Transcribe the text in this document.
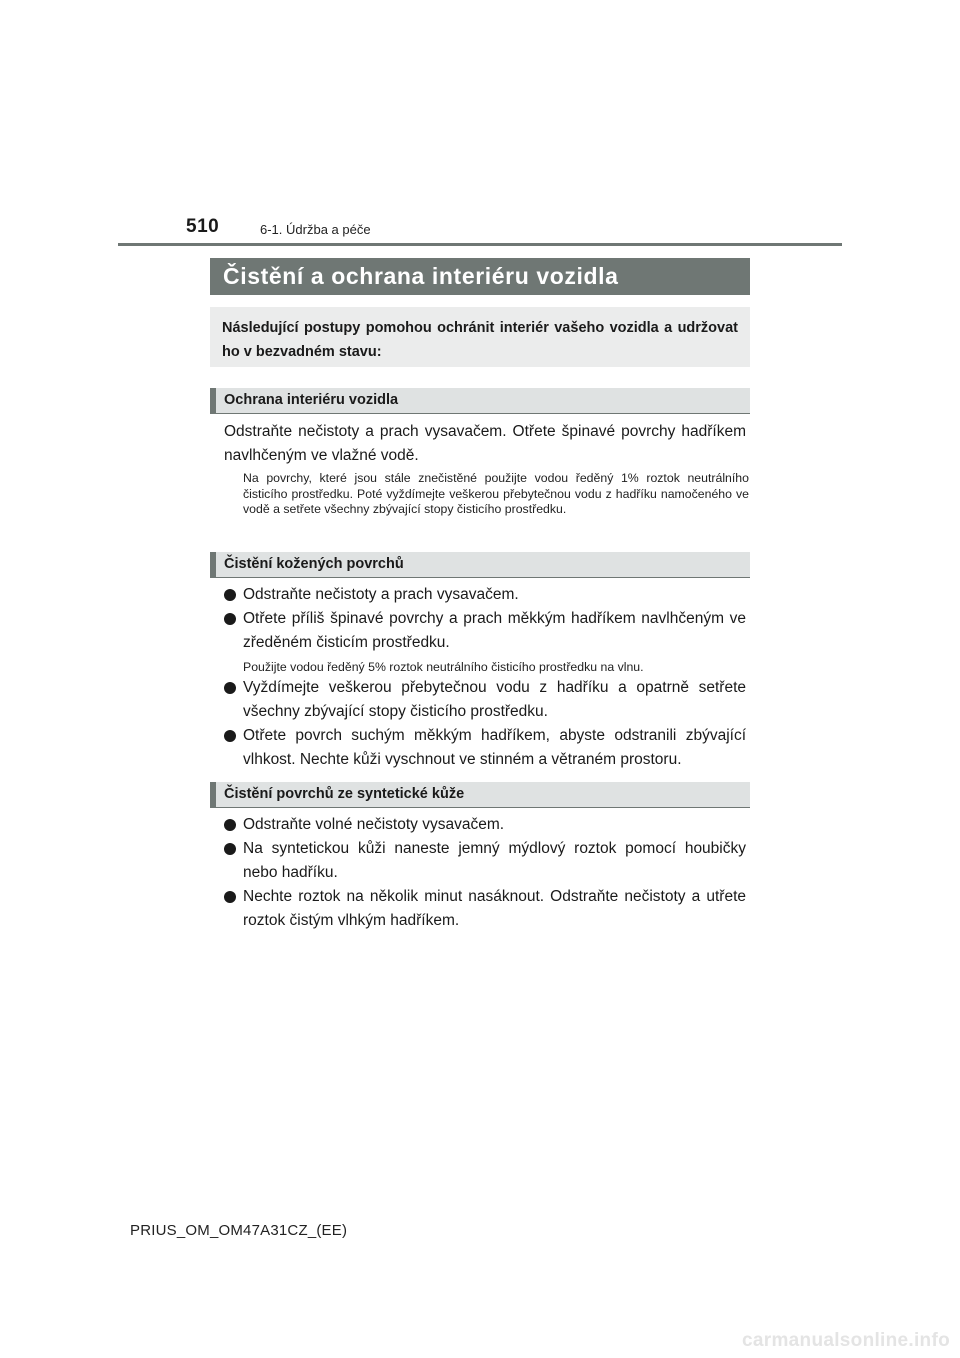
510	6-1. Údržba a péče
Čistění a ochrana interiéru vozidla
Následující postupy pomohou ochránit interiér vašeho vozidla a udržovat ho v bezvadném stavu:
Ochrana interiéru vozidla
Odstraňte nečistoty a prach vysavačem. Otřete špinavé povrchy hadříkem navlhčeným ve vlažné vodě.
Na povrchy, které jsou stále znečistěné použijte vodou ředěný 1% roztok neutrálního čisticího prostředku. Poté vyždímejte veškerou přebytečnou vodu z hadříku namočeného ve vodě a setřete všechny zbývající stopy čisticího prostředku.
Čistění kožených povrchů
Odstraňte nečistoty a prach vysavačem.
Otřete příliš špinavé povrchy a prach měkkým hadříkem navlhčeným ve zředěném čisticím prostředku.
Použijte vodou ředěný 5% roztok neutrálního čisticího prostředku na vlnu.
Vyždímejte veškerou přebytečnou vodu z hadříku a opatrně setřete všechny zbývající stopy čisticího prostředku.
Otřete povrch suchým měkkým hadříkem, abyste odstranili zbývající vlhkost. Nechte kůži vyschnout ve stinném a větraném prostoru.
Čistění povrchů ze syntetické kůže
Odstraňte volné nečistoty vysavačem.
Na syntetickou kůži naneste jemný mýdlový roztok pomocí houbičky nebo hadříku.
Nechte roztok na několik minut nasáknout. Odstraňte nečistoty a utřete roztok čistým vlhkým hadříkem.
PRIUS_OM_OM47A31CZ_(EE)
carmanualsonline.info
